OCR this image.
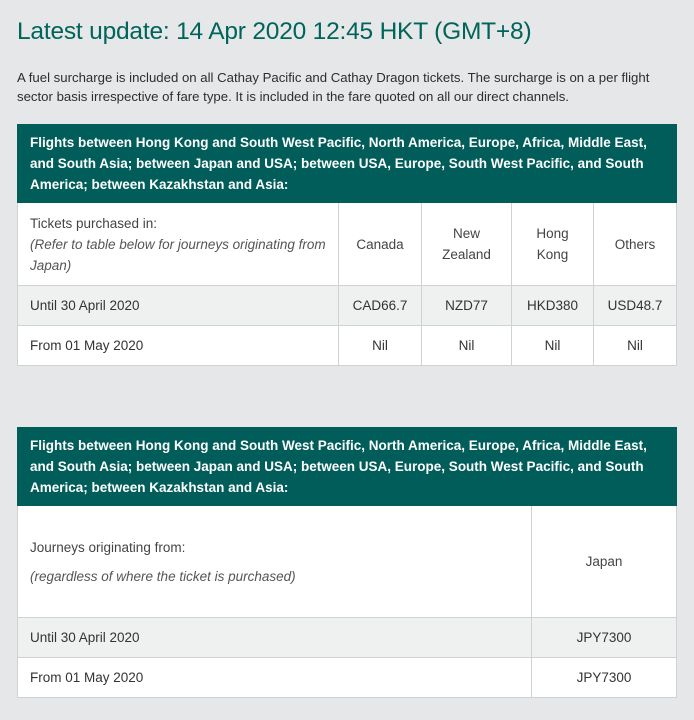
Latest update: 14 Apr 2020 12:45 HKT (GMT+8)

A fuel surcharge is included on all Cathay Pacific and Cathay Dragon tickets. The surcharge is on a per flight sector basis irrespective of fare type. It is included in the fare quoted on all our direct channels.

Flights between Hong Kong and South West Pacific, North America, Europe, Africa, Middle East, and South Asia; between Japan and USA; between USA, Europe, South West Pacific, and South America; between Kazakhstan and Asia:				
Tickets purchased in:
(Refer to table below for journeys originating from Japan)	Canada	New Zealand	Hong Kong	Others
Until 30 April 2020	CAD66.7	NZD77	HKD380	USD48.7
From 01 May 2020	Nil	Nil	Nil	Nil
Flights between Hong Kong and South West Pacific, North America, Europe, Africa, Middle East, and South Asia; between Japan and USA; between USA, Europe, South West Pacific, and South America; between Kazakhstan and Asia:	
Journeys originating from:
(regardless of where the ticket is purchased)	Japan
Until 30 April 2020	JPY7300
From 01 May 2020	JPY7300
